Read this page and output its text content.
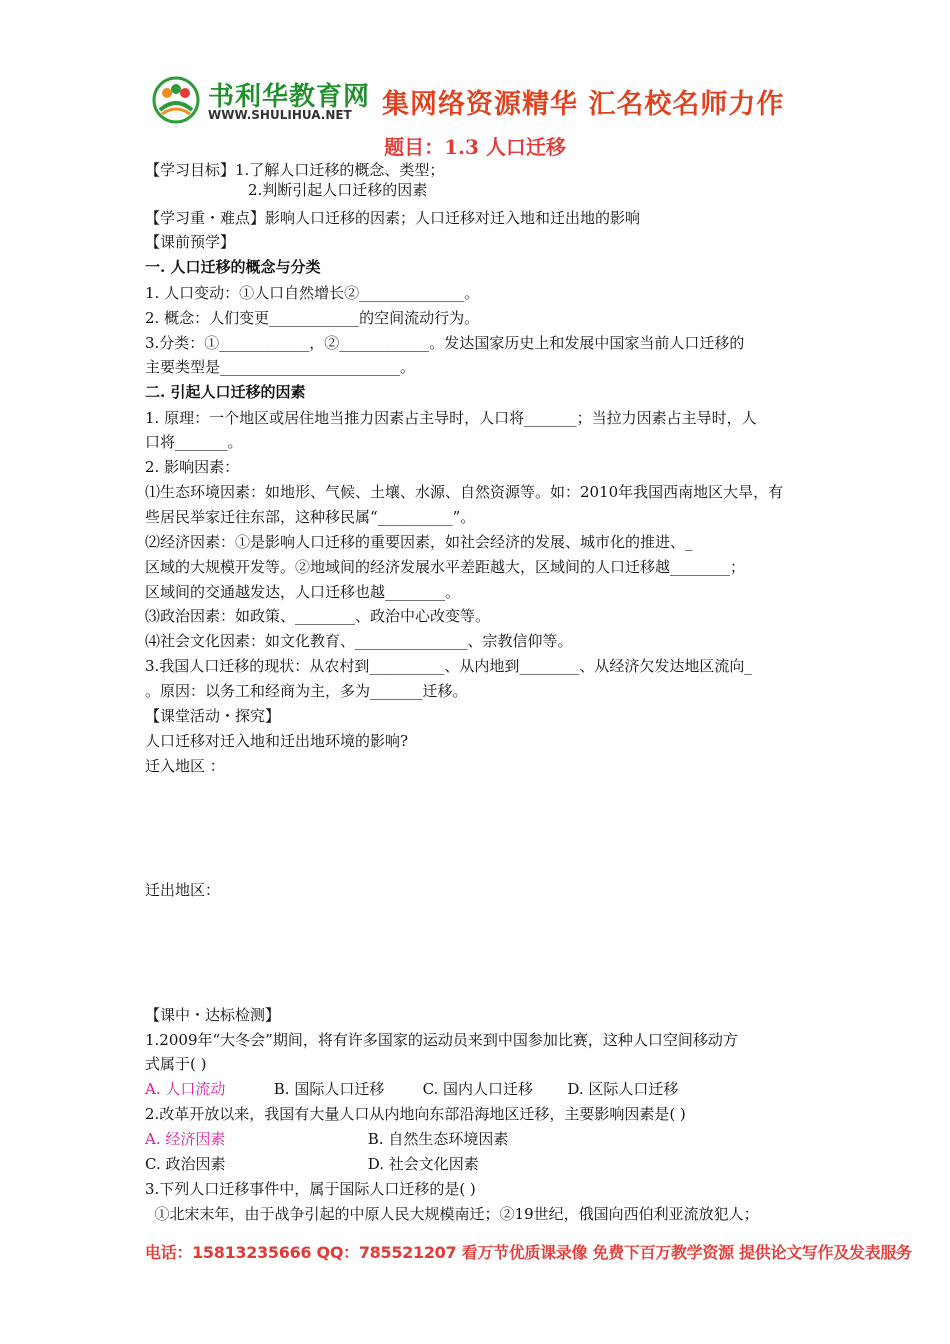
书利华教育网
WWW.SHULIHUA.NET 集网络资源精华 汇名校名师力作
题目：1.3 人口迁移
【学习目标】1.了解人口迁移的概念、类型；
2.判断引起人口迁移的因素
【学习重・难点】影响人口迁移的因素；人口迁移对迁入地和迁出地的影响
【课前预学】
一. 人口迁移的概念与分类
1. 人口变动：①人口自然增长②______________。
2. 概念：人们变更____________的空间流动行为。
3.分类：①____________，②____________。发达国家历史上和发展中国家当前人口迁移的
主要类型是________________________。
二. 引起人口迁移的因素
1. 原理：一个地区或居住地当推力因素占主导时，人口将_______；当拉力因素占主导时，人
口将_______。
2. 影响因素：
⑴生态环境因素：如地形、气候、土壤、水源、自然资源等。如：2010年我国西南地区大旱，有
些居民举家迁往东部，这种移民属“__________”。
⑵经济因素：①是影响人口迁移的重要因素，如社会经济的发展、城市化的推进、_
区域的大规模开发等。②地域间的经济发展水平差距越大，区域间的人口迁移越________；
区域间的交通越发达，人口迁移也越________。
⑶政治因素：如政策、________、政治中心改变等。
⑷社会文化因素：如文化教育、_______________、宗教信仰等。
3.我国人口迁移的现状：从农村到__________、从内地到________、从经济欠发达地区流向_
。原因：以务工和经商为主，多为_______迁移。
【课堂活动・探究】
人口迁移对迁入地和迁出地环境的影响?
迁入地区 ：
迁出地区：
【课中・达标检测】
1.2009年“大冬会”期间，将有许多国家的运动员来到中国参加比赛，这种人口空间移动方
式属于( )
A. 人口流动	B. 国际人口迁移	C. 国内人口迁移 D. 区际人口迁移
2.改革开放以来，我国有大量人口从内地向东部沿海地区迁移，主要影响因素是( )
A. 经济因素	B. 自然生态环境因素
C. 政治因素	D. 社会文化因素
3.下列人口迁移事件中，属于国际人口迁移的是( )
①北宋末年，由于战争引起的中原人民大规模南迁；②19世纪，俄国向西伯利亚流放犯人；
电话：15813235666 QQ：785521207 看万节优质课录像 免费下百万教学资源 提供论文写作及发表服务
